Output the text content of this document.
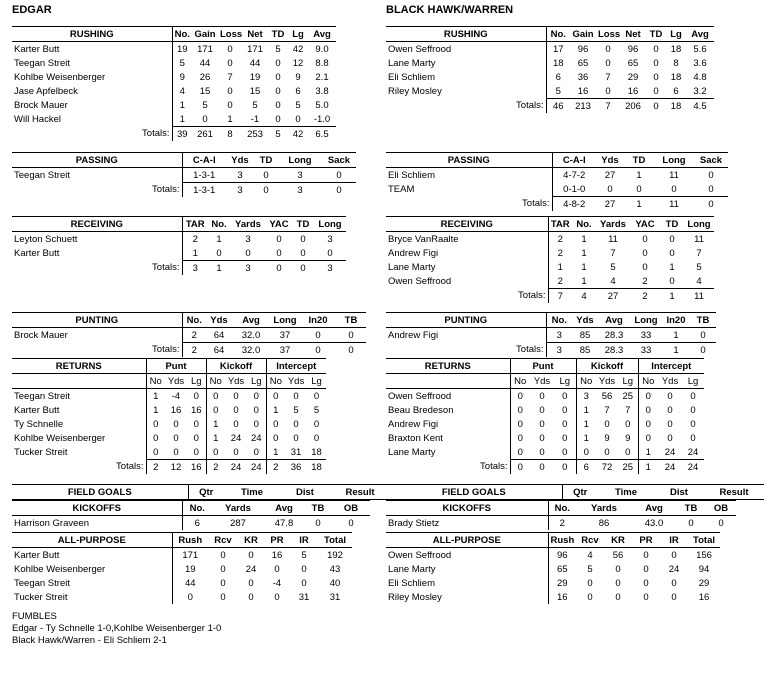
EDGAR	BLACK HAWK/WARREN
RUSHING	No.	Gain	Loss	Net	TD	Lg	Avg
Karter Butt	19	171	0	171	5	42	9.0
Teegan Streit	5	44	0	44	0	12	8.8
Kohlbe Weisenberger	9	26	7	19	0	9	2.1
Jase Apfelbeck	4	15	0	15	0	6	3.8
Brock Mauer	1	5	0	5	0	5	5.0
Will Hackel	1	0	1	-1	0	0	-1.0
Totals:	39	261	8	253	5	42	6.5
PASSING	C-A-I	Yds	TD	Long	Sack
Teegan Streit	1-3-1	3	0	3	0
Totals:	1-3-1	3	0	3	0
RECEIVING	TAR	No.	Yards	YAC	TD	Long
Leyton Schuett	2	1	3	0	0	3
Karter Butt	1	0	0	0	0	0
Totals:	3	1	3	0	0	3
PUNTING	No.	Yds	Avg	Long	In20	TB
Brock Mauer	2	64	32.0	37	0	0
Totals:	2	64	32.0	37	0	0
RETURNS	Punt			Kickoff			Intercept		
	No	Yds	Lg	No	Yds	Lg	No	Yds	Lg
Teegan Streit	1	-4	0	0	0	0	0	0	0
Karter Butt	1	16	16	0	0	0	1	5	5
Ty Schnelle	0	0	0	1	0	0	0	0	0
Kohlbe Weisenberger	0	0	0	1	24	24	0	0	0
Tucker Streit	0	0	0	0	0	0	1	31	18
Totals:	2	12	16	2	24	24	2	36	18
FIELD GOALS	Qtr	Time	Dist	Result
KICKOFFS	No.	Yards	Avg	TB	OB
Harrison Graveen	6	287	47.8	0	0
ALL-PURPOSE	Rush	Rcv	KR	PR	IR	Total
Karter Butt	171	0	0	16	5	192
Kohlbe Weisenberger	19	0	24	0	0	43
Teegan Streit	44	0	0	-4	0	40
Tucker Streit	0	0	0	0	31	31
RUSHING	No.	Gain	Loss	Net	TD	Lg	Avg
Owen Seffrood	17	96	0	96	0	18	5.6
Lane Marty	18	65	0	65	0	8	3.6
Eli Schliem	6	36	7	29	0	18	4.8
Riley Mosley	5	16	0	16	0	6	3.2
Totals:	46	213	7	206	0	18	4.5
PASSING	C-A-I	Yds	TD	Long	Sack
Eli Schliem	4-7-2	27	1	11	0
TEAM	0-1-0	0	0	0	0
Totals:	4-8-2	27	1	11	0
RECEIVING	TAR	No.	Yards	YAC	TD	Long
Bryce VanRaalte	2	1	11	0	0	11
Andrew Figi	2	1	7	0	0	7
Lane Marty	1	1	5	0	1	5
Owen Seffrood	2	1	4	2	0	4
Totals:	7	4	27	2	1	11
PUNTING	No.	Yds	Avg	Long	In20	TB
Andrew Figi	3	85	28.3	33	1	0
Totals:	3	85	28.3	33	1	0
RETURNS	Punt			Kickoff			Intercept		
	No	Yds	Lg	No	Yds	Lg	No	Yds	Lg
Owen Seffrood	0	0	0	3	56	25	0	0	0
Beau Bredeson	0	0	0	1	7	7	0	0	0
Andrew Figi	0	0	0	1	0	0	0	0	0
Braxton Kent	0	0	0	1	9	9	0	0	0
Lane Marty	0	0	0	0	0	0	1	24	24
Totals:	0	0	0	6	72	25	1	24	24
FIELD GOALS	Qtr	Time	Dist	Result
KICKOFFS	No.	Yards	Avg	TB	OB
Brady Stietz	2	86	43.0	0	0
ALL-PURPOSE	Rush	Rcv	KR	PR	IR	Total
Owen Seffrood	96	4	56	0	0	156
Lane Marty	65	5	0	0	24	94
Eli Schliem	29	0	0	0	0	29
Riley Mosley	16	0	0	0	0	16
FUMBLES
Edgar - Ty Schnelle 1-0,Kohlbe Weisenberger 1-0
Black Hawk/Warren - Eli Schliem 2-1
